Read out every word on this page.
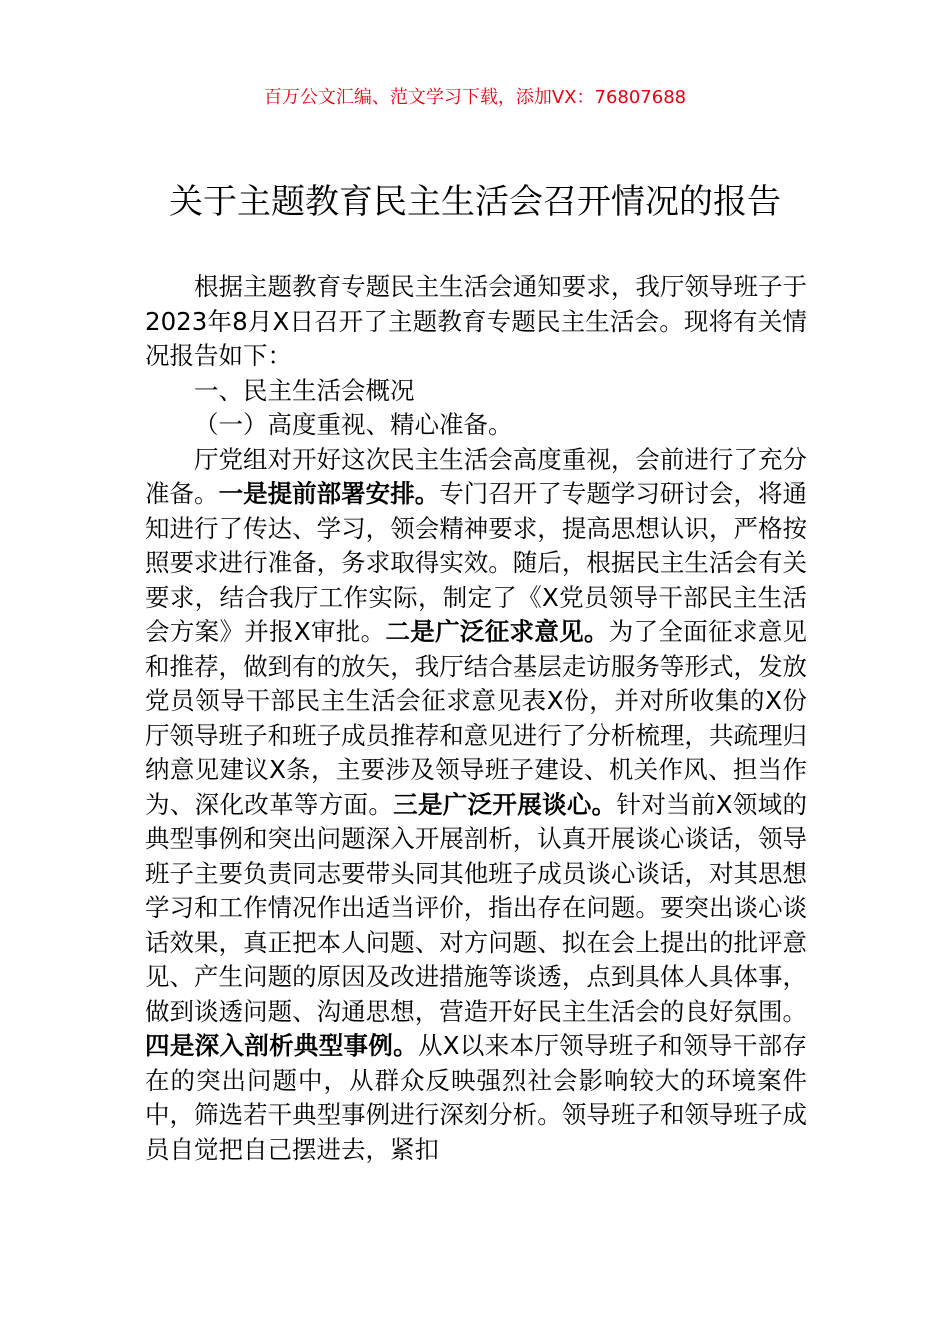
百万公文汇编、范文学习下载，添加VX：76807688
关于主题教育民主生活会召开情况的报告

根据主题教育专题民主生活会通知要求，我厅领导班子于2023年8月X日召开了主题教育专题民主生活会。现将有关情况报告如下：

一、民主生活会概况

（一）高度重视、精心准备。

厅党组对开好这次民主生活会高度重视，会前进行了充分准备。一是提前部署安排。专门召开了专题学习研讨会，将通知进行了传达、学习，领会精神要求，提高思想认识，严格按照要求进行准备，务求取得实效。随后，根据民主生活会有关要求，结合我厅工作实际，制定了《X党员领导干部民主生活会方案》并报X审批。二是广泛征求意见。为了全面征求意见和推荐，做到有的放矢，我厅结合基层走访服务等形式，发放党员领导干部民主生活会征求意见表X份，并对所收集的X份厅领导班子和班子成员推荐和意见进行了分析梳理，共疏理归纳意见建议X条，主要涉及领导班子建设、机关作风、担当作为、深化改革等方面。三是广泛开展谈心。针对当前X领域的典型事例和突出问题深入开展剖析，认真开展谈心谈话，领导班子主要负责同志要带头同其他班子成员谈心谈话，对其思想学习和工作情况作出适当评价，指出存在问题。要突出谈心谈话效果，真正把本人问题、对方问题、拟在会上提出的批评意见、产生问题的原因及改进措施等谈透，点到具体人具体事，做到谈透问题、沟通思想，营造开好民主生活会的良好氛围。四是深入剖析典型事例。从X以来本厅领导班子和领导干部存在的突出问题中，从群众反映强烈社会影响较大的环境案件中，筛选若干典型事例进行深刻分析。领导班子和领导班子成员自觉把自己摆进去，紧扣
